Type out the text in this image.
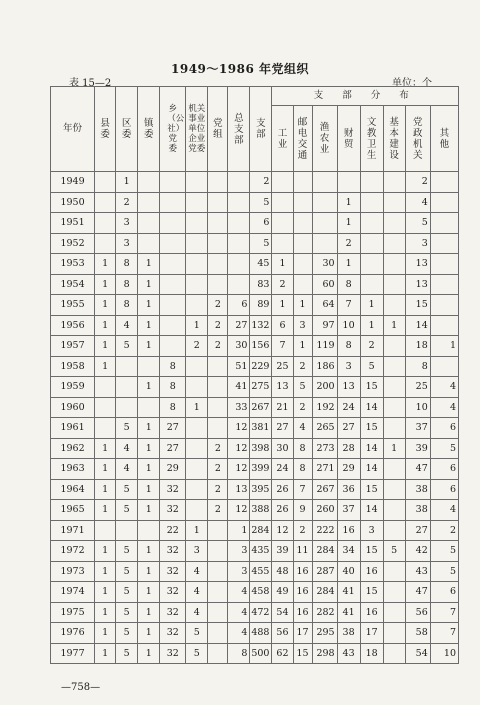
1949～1986 年党组织
表 15—2	单位：个
年份	县委	区委	镇委	乡（公社）党委	机关事业单位企业党委	党组	总支部	支部	支 部 分 布							
									工业	邮电交通	渔农业	财贸	文教卫生	基本建设	党政机关	其他
1949		1						2							2	
1950		2						5				1			4	
1951		3						6				1			5	
1952		3						5				2			3	
1953	1	8	1					45	1		30	1			13	
1954	1	8	1					83	2		60	8			13	
1955	1	8	1			2	6	89	1	1	64	7	1		15	
1956	1	4	1		1	2	27	132	6	3	97	10	1	1	14	
1957	1	5	1		2	2	30	156	7	1	119	8	2		18	1
1958	1			8			51	229	25	2	186	3	5		8	
1959			1	8			41	275	13	5	200	13	15		25	4
1960				8	1		33	267	21	2	192	24	14		10	4
1961		5	1	27			12	381	27	4	265	27	15		37	6
1962	1	4	1	27		2	12	398	30	8	273	28	14	1	39	5
1963	1	4	1	29		2	12	399	24	8	271	29	14		47	6
1964	1	5	1	32		2	13	395	26	7	267	36	15		38	6
1965	1	5	1	32		2	12	388	26	9	260	37	14		38	4
1971				22	1		1	284	12	2	222	16	3		27	2
1972	1	5	1	32	3		3	435	39	11	284	34	15	5	42	5
1973	1	5	1	32	4		3	455	48	16	287	40	16		43	5
1974	1	5	1	32	4		4	458	49	16	284	41	15		47	6
1975	1	5	1	32	4		4	472	54	16	282	41	16		56	7
1976	1	5	1	32	5		4	488	56	17	295	38	17		58	7
1977	1	5	1	32	5		8	500	62	15	298	43	18		54	10
—758—
